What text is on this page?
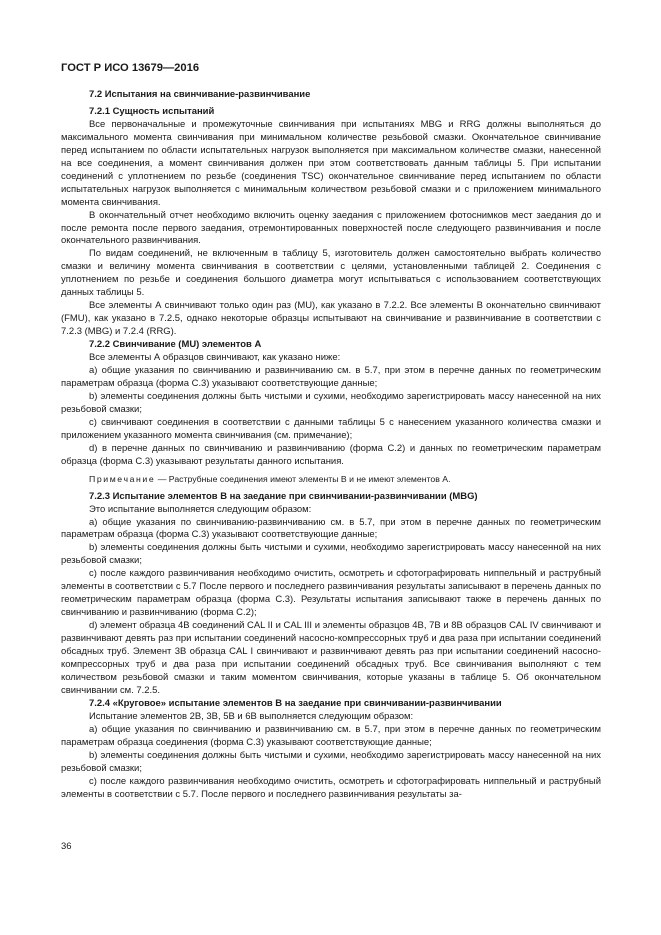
ГОСТ Р ИСО 13679—2016

7.2 Испытания на свинчивание-развинчивание
7.2.1 Сущность испытаний

Все первоначальные и промежуточные свинчивания при испытаниях MBG и RRG должны выполняться до максимального момента свинчивания при минимальном количестве резьбовой смазки. Окончательное свинчивание перед испытанием по области испытательных нагрузок выполняется при максимальном количестве смазки, нанесенной на все соединения, а момент свинчивания должен при этом соответствовать данным таблицы 5. При испытании соединений с уплотнением по резьбе (соединения TSC) окончательное свинчивание перед испытанием по области испытательных нагрузок выполняется с минимальным количеством резьбовой смазки и с приложением минимального момента свинчивания.

В окончательный отчет необходимо включить оценку заедания с приложением фотоснимков мест заедания до и после ремонта после первого заедания, отремонтированных поверхностей после следующего развинчивания и после окончательного развинчивания.

По видам соединений, не включенным в таблицу 5, изготовитель должен самостоятельно выбрать количество смазки и величину момента свинчивания в соответствии с целями, установленными таблицей 2. Соединения с уплотнением по резьбе и соединения большого диаметра могут испытываться с использованием соответствующих данных таблицы 5.

Все элементы А свинчивают только один раз (MU), как указано в 7.2.2. Все элементы В окончательно свинчивают (FMU), как указано в 7.2.5, однако некоторые образцы испытывают на свинчивание и развинчивание в соответствии с 7.2.3 (MBG) и 7.2.4 (RRG).

7.2.2 Свинчивание (MU) элементов А

Все элементы А образцов свинчивают, как указано ниже:

а) общие указания по свинчиванию и развинчиванию см. в 5.7, при этом в перечне данных по геометрическим параметрам образца (форма С.3) указывают соответствующие данные;

b) элементы соединения должны быть чистыми и сухими, необходимо зарегистрировать массу нанесенной на них резьбовой смазки;

с) свинчивают соединения в соответствии с данными таблицы 5 с нанесением указанного количества смазки и приложением указанного момента свинчивания (см. примечание);

d) в перечне данных по свинчиванию и развинчиванию (форма С.2) и данных по геометрическим параметрам образца (форма С.3) указывают результаты данного испытания.

Примечание — Раструбные соединения имеют элементы В и не имеют элементов А.

7.2.3 Испытание элементов В на заедание при свинчивании-развинчивании (MBG)

Это испытание выполняется следующим образом:

а) общие указания по свинчиванию-развинчиванию см. в 5.7, при этом в перечне данных по геометрическим параметрам образца (форма С.3) указывают соответствующие данные;

b) элементы соединения должны быть чистыми и сухими, необходимо зарегистрировать массу нанесенной на них резьбовой смазки;

с) после каждого развинчивания необходимо очистить, осмотреть и сфотографировать ниппельный и раструбный элементы в соответствии с 5.7 После первого и последнего развинчивания результаты записывают в перечень данных по геометрическим параметрам образца (форма С.3). Результаты испытания записывают также в перечень данных по свинчиванию и развинчиванию (форма С.2);

d) элемент образца 4В соединений CAL II и CAL III и элементы образцов 4В, 7В и 8В образцов CAL IV свинчивают и развинчивают девять раз при испытании соединений насосно-компрессорных труб и два раза при испытании соединений обсадных труб. Элемент 3В образца CAL I свинчивают и развинчивают девять раз при испытании соединений насосно-компрессорных труб и два раза при испытании соединений обсадных труб. Все свинчивания выполняют с тем количеством резьбовой смазки и таким моментом свинчивания, которые указаны в таблице 5. Об окончательном свинчивании см. 7.2.5.

7.2.4 «Круговое» испытание элементов В на заедание при свинчивании-развинчивании

Испытание элементов 2В, 3В, 5В и 6В выполняется следующим образом:

а) общие указания по свинчиванию и развинчиванию см. в 5.7, при этом в перечне данных по геометрическим параметрам образца соединения (форма С.3) указывают соответствующие данные;

b) элементы соединения должны быть чистыми и сухими, необходимо зарегистрировать массу нанесенной на них резьбовой смазки;

с) после каждого развинчивания необходимо очистить, осмотреть и сфотографировать ниппельный и раструбный элементы в соответствии с 5.7. После первого и последнего развинчивания результаты за-

36
